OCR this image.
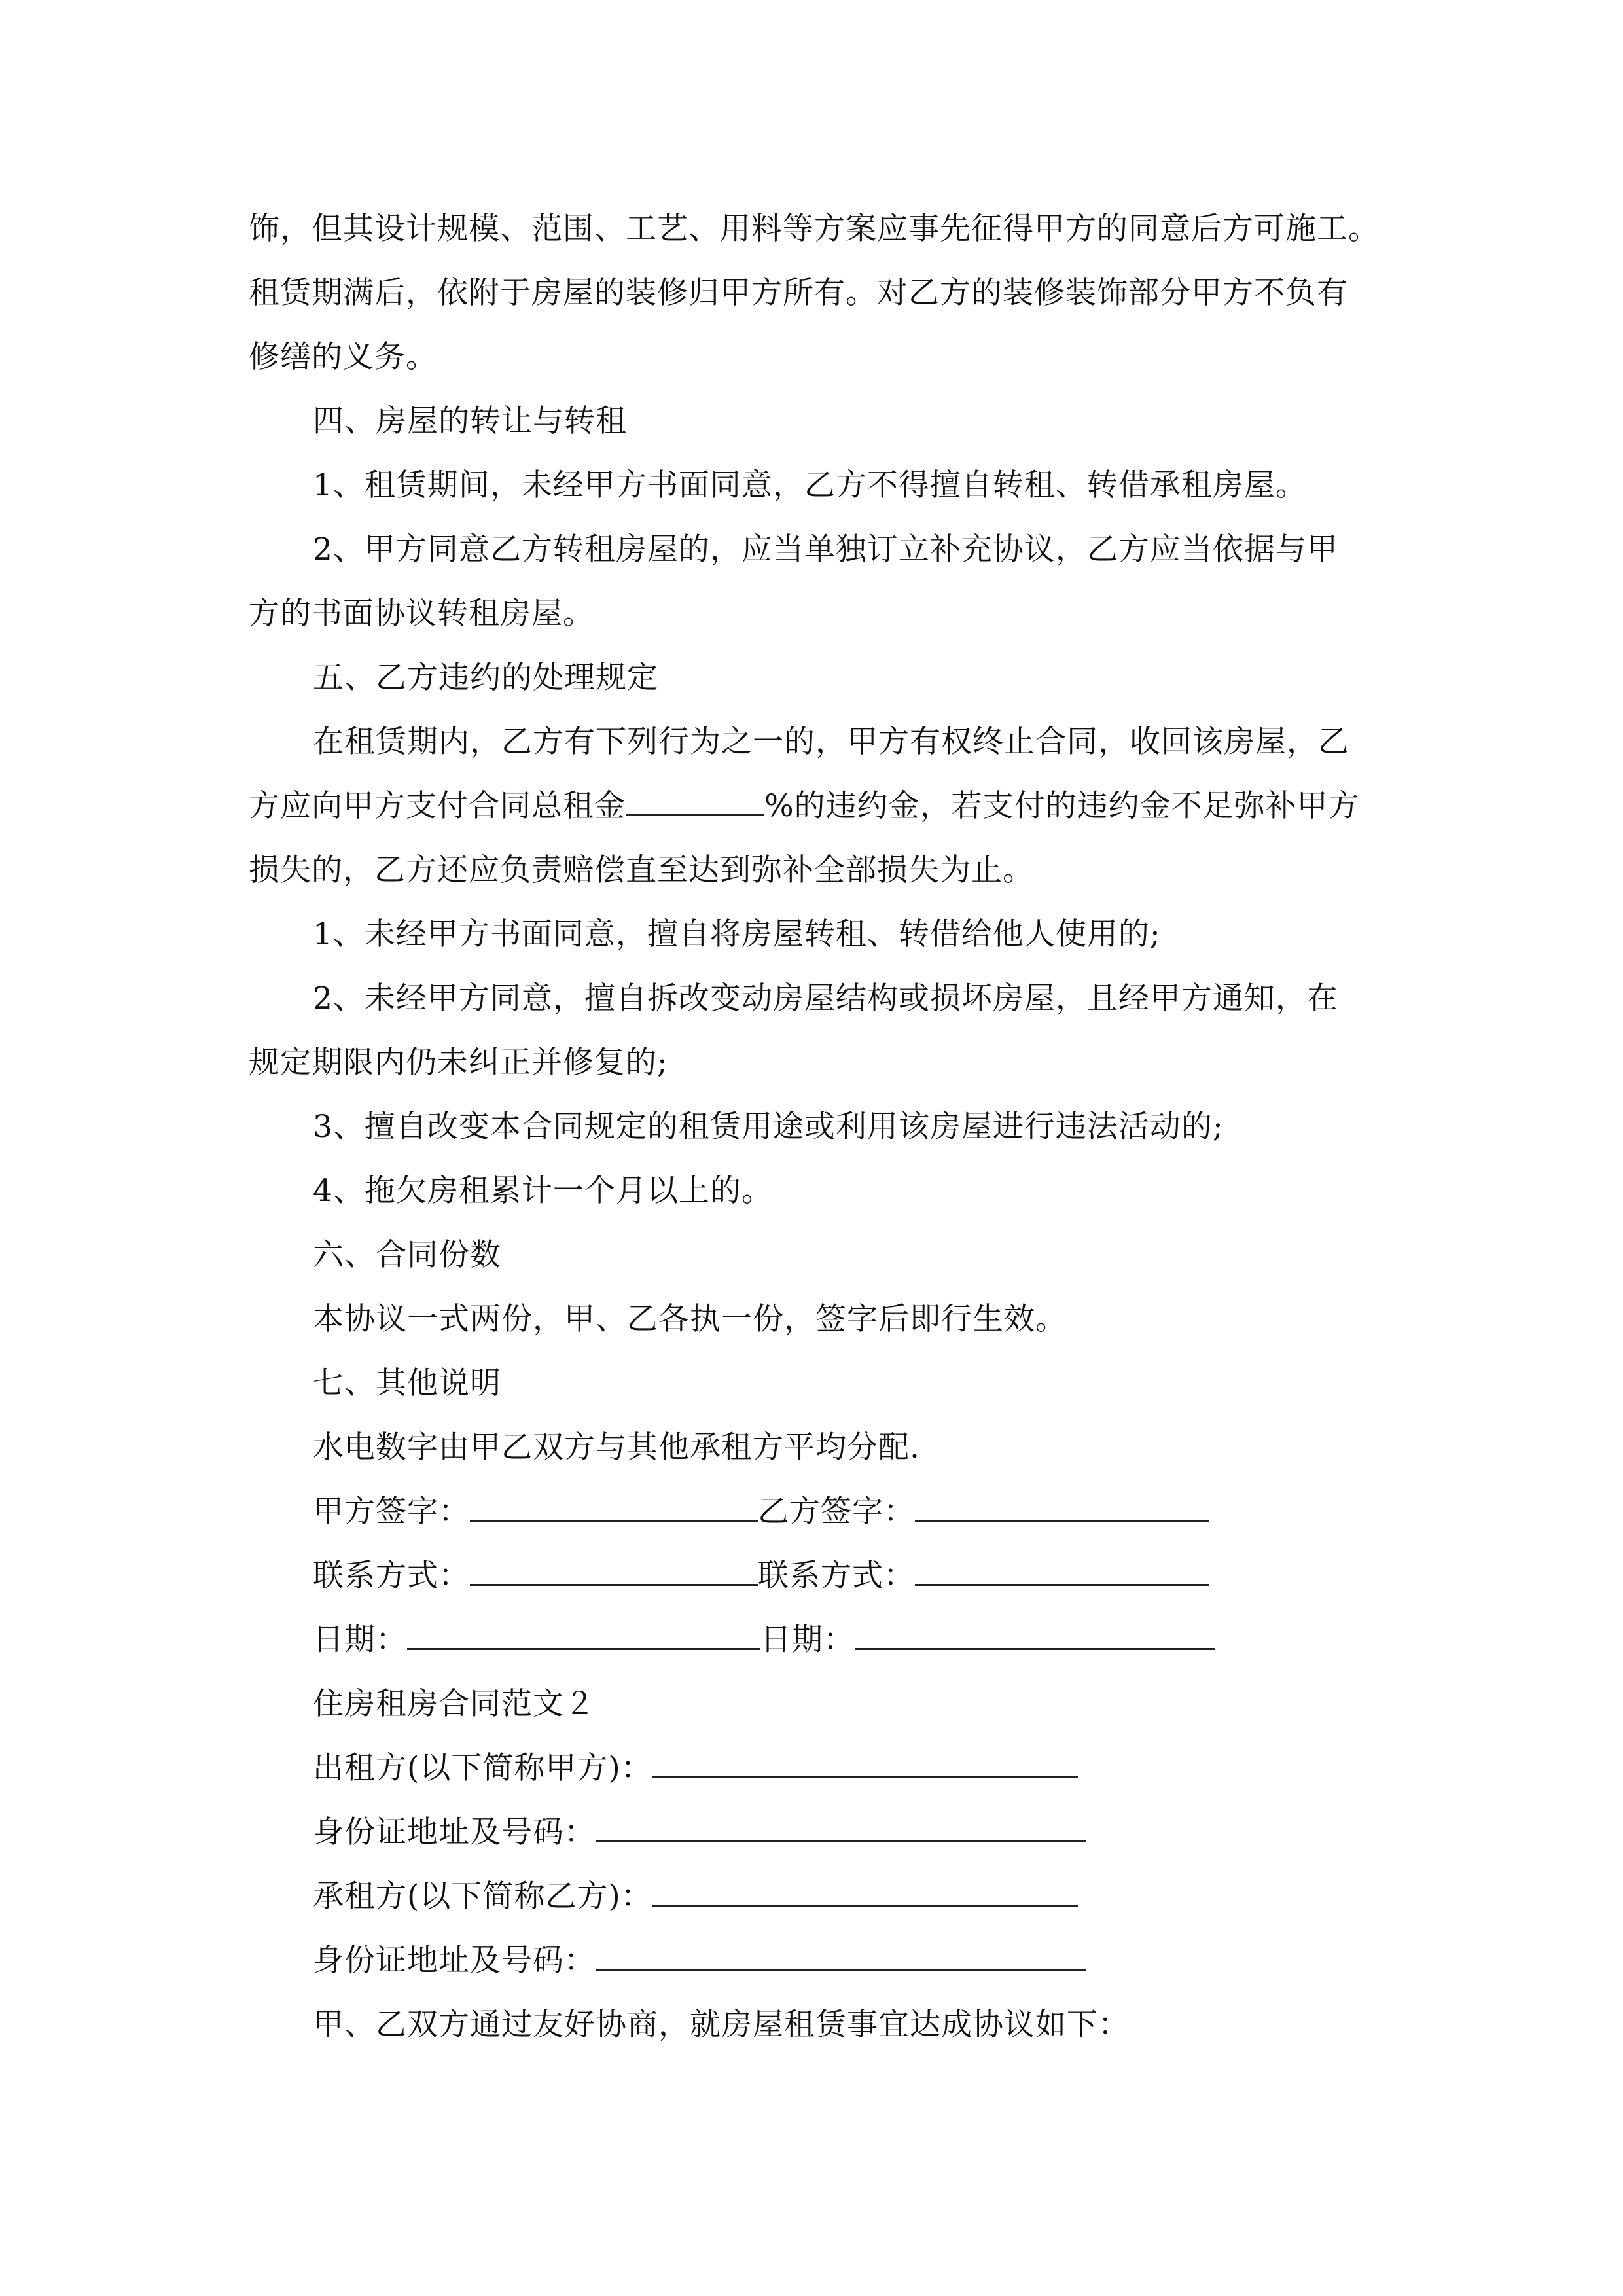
饰，但其设计规模、范围、工艺、用料等方案应事先征得甲方的同意后方可施工。

租赁期满后，依附于房屋的装修归甲方所有。对乙方的装修装饰部分甲方不负有

修缮的义务。

四、房屋的转让与转租

1、租赁期间，未经甲方书面同意，乙方不得擅自转租、转借承租房屋。

2、甲方同意乙方转租房屋的，应当单独订立补充协议，乙方应当依据与甲

方的书面协议转租房屋。

五、乙方违约的处理规定

在租赁期内，乙方有下列行为之一的，甲方有权终止合同，收回该房屋，乙

方应向甲方支付合同总租金	%的违约金，若支付的违约金不足弥补甲方

损失的，乙方还应负责赔偿直至达到弥补全部损失为止。

1、未经甲方书面同意，擅自将房屋转租、转借给他人使用的;

2、未经甲方同意，擅自拆改变动房屋结构或损坏房屋，且经甲方通知，在

规定期限内仍未纠正并修复的;

3、擅自改变本合同规定的租赁用途或利用该房屋进行违法活动的;

4、拖欠房租累计一个月以上的。

六、合同份数

本协议一式两份，甲、乙各执一份，签字后即行生效。

七、其他说明

水电数字由甲乙双方与其他承租方平均分配.

甲方签字：	乙方签字：

联系方式：	联系方式：

日期：	日期：

住房租房合同范文２

出租方(以下简称甲方)：

身份证地址及号码：

承租方(以下简称乙方)：

身份证地址及号码：

甲、乙双方通过友好协商，就房屋租赁事宜达成协议如下：
